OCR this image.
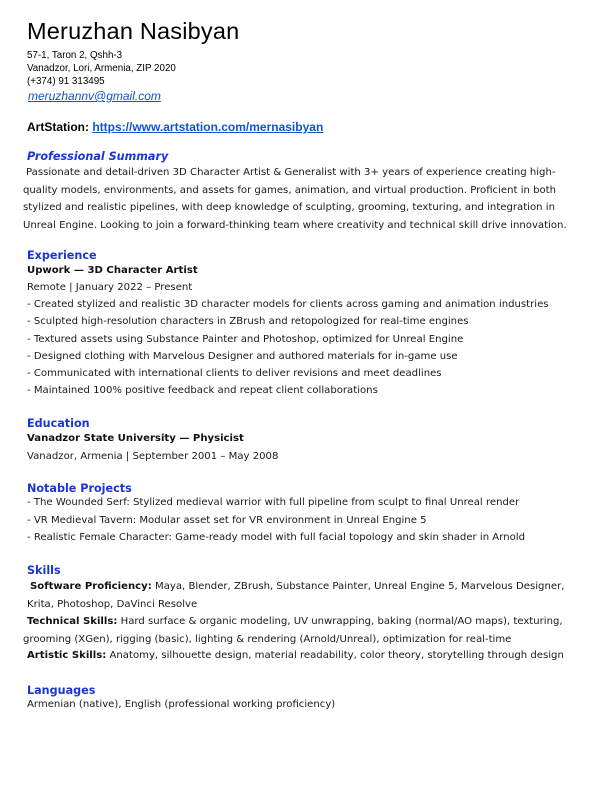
Meruzhan Nasibyan
57-1, Taron 2, Qshh-3
Vanadzor, Lori, Armenia, ZIP 2020
(+374) 91 313495
meruzhannv@gmail.com
ArtStation: https://www.artstation.com/mernasibyan
Professional Summary
Passionate and detail-driven 3D Character Artist & Generalist with 3+ years of experience creating high-quality models, environments, and assets for games, animation, and virtual production. Proficient in both stylized and realistic pipelines, with deep knowledge of sculpting, grooming, texturing, and integration in Unreal Engine. Looking to join a forward-thinking team where creativity and technical skill drive innovation.
Experience
Upwork — 3D Character Artist
Remote | January 2022 – Present
- Created stylized and realistic 3D character models for clients across gaming and animation industries
- Sculpted high-resolution characters in ZBrush and retopologized for real-time engines
- Textured assets using Substance Painter and Photoshop, optimized for Unreal Engine
- Designed clothing with Marvelous Designer and authored materials for in-game use
- Communicated with international clients to deliver revisions and meet deadlines
- Maintained 100% positive feedback and repeat client collaborations
Education
Vanadzor State University — Physicist
Vanadzor, Armenia | September 2001 – May 2008
Notable Projects
- The Wounded Serf: Stylized medieval warrior with full pipeline from sculpt to final Unreal render
- VR Medieval Tavern: Modular asset set for VR environment in Unreal Engine 5
- Realistic Female Character: Game-ready model with full facial topology and skin shader in Arnold
Skills
Software Proficiency: Maya, Blender, ZBrush, Substance Painter, Unreal Engine 5, Marvelous Designer, Krita, Photoshop, DaVinci Resolve
Technical Skills: Hard surface & organic modeling, UV unwrapping, baking (normal/AO maps), texturing, grooming (XGen), rigging (basic), lighting & rendering (Arnold/Unreal), optimization for real-time
Artistic Skills: Anatomy, silhouette design, material readability, color theory, storytelling through design
Languages
Armenian (native), English (professional working proficiency)
